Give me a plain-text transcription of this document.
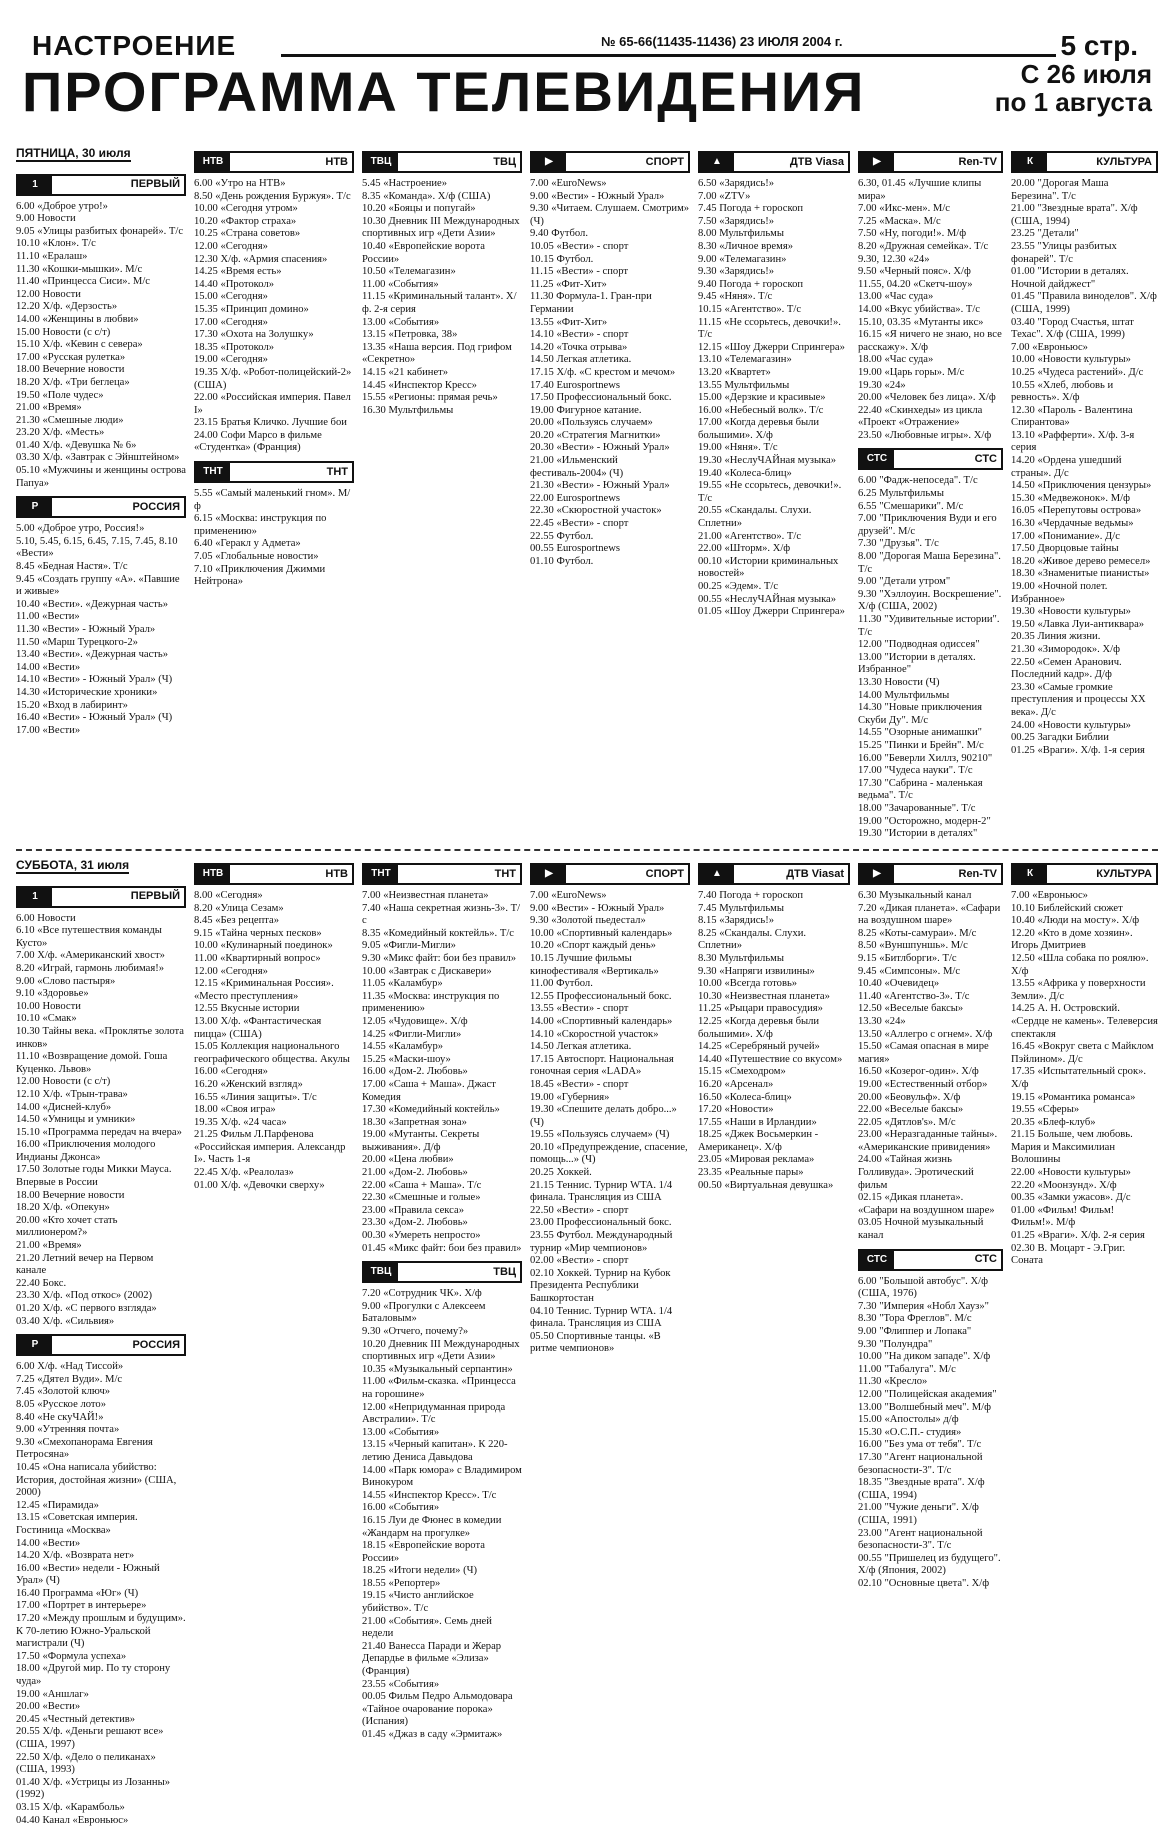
НАСТРОЕНИЕ	№ 65-66(11435-11436) 23 ИЮЛЯ 2004 г.	5 стр.
ПРОГРАММА ТЕЛЕВИДЕНИЯ	С 26 июля
по 1 августа
ПЯТНИЦА, 30 июля
1	ПЕРВЫЙ

6.00 «Доброе утро!»

9.00 Новости

9.05 «Улицы разбитых фонарей». Т/с

10.10 «Клон». Т/с

11.10 «Ералаш»

11.30 «Кошки-мышки». М/с

11.40 «Принцесса Сиси». М/с

12.00 Новости

12.20 Х/ф. «Дерзость»

14.00 «Женщины в любви»

15.00 Новости (с с/т)

15.10 Х/ф. «Кевин с севера»

17.00 «Русская рулетка»

18.00 Вечерние новости

18.20 Х/ф. «Три беглеца»

19.50 «Поле чудес»

21.00 «Время»

21.30 «Смешные люди»

23.20 Х/ф. «Месть»

01.40 Х/ф. «Девушка № 6»

03.30 Х/ф. «Завтрак с Эйнштейном»

05.10 «Мужчины и женщины острова Папуа»

Р	РОССИЯ

5.00 «Доброе утро, Россия!»

5.10, 5.45, 6.15, 6.45, 7.15, 7.45, 8.10 «Вести»

8.45 «Бедная Настя». Т/с

9.45 «Создать группу «А». «Павшие и живые»

10.40 «Вести». «Дежурная часть»

11.00 «Вести»

11.30 «Вести» - Южный Урал»

11.50 «Марш Турецкого-2»

13.40 «Вести». «Дежурная часть»

14.00 «Вести»

14.10 «Вести» - Южный Урал» (Ч)

14.30 «Исторические хроники»

15.20 «Вход в лабиринт»

16.40 «Вести» - Южный Урал» (Ч)

17.00 «Вести»

НТВ	НТВ

6.00 «Утро на НТВ»

8.50 «День рождения Буржуя». Т/с

10.00 «Сегодня утром»

10.20 «Фактор страха»

10.25 «Страна советов»

12.00 «Сегодня»

12.30 Х/ф. «Армия спасения»

14.25 «Время есть»

14.40 «Протокол»

15.00 «Сегодня»

15.35 «Принцип домино»

17.00 «Сегодня»

17.30 «Охота на Золушку»

18.35 «Протокол»

19.00 «Сегодня»

19.35 Х/ф. «Робот-полицейский-2» (США)

22.00 «Российская империя. Павел I»

23.15 Братья Кличко. Лучшие бои

24.00 Софи Марсо в фильме «Студентка» (Франция)

ТНТ	ТНТ

5.55 «Самый маленький гном». М/ф

6.15 «Москва: инструкция по применению»

6.40 «Геракл у Адмета»

7.05 «Глобальные новости»

7.10 «Приключения Джимми Нейтрона»

ТВЦ	ТВЦ

5.45 «Настроение»

8.35 «Команда». Х/ф (США)

10.20 «Бояцы и попугай»

10.30 Дневник III Международных спортивных игр «Дети Азии»

10.40 «Европейские ворота России»

10.50 «Телемагазин»

11.00 «События»

11.15 «Криминальный талант». Х/ф. 2-я серия

13.00 «События»

13.15 «Петровка, 38»

13.35 «Наша версия. Под грифом «Секретно»

14.15 «21 кабинет»

14.45 «Инспектор Кресс»

15.55 «Регионы: прямая речь»

16.30 Мультфильмы

▶	СПОРТ

7.00 «EuroNews»

9.00 «Вести» - Южный Урал»

9.30 «Читаем. Слушаем. Смотрим» (Ч)

9.40 Футбол.

10.05 «Вести» - спорт

10.15 Футбол.

11.15 «Вести» - спорт

11.25 «Фит-Хит»

11.30 Формула-1. Гран-при Германии

13.55 «Фит-Хит»

14.10 «Вести» - спорт

14.20 «Точка отрыва»

14.50 Легкая атлетика.

17.15 Х/ф. «С крестом и мечом»

17.40 Eurosportnews

17.50 Профессиональный бокс.

19.00 Фигурное катание.

20.00 «Пользуясь случаем»

20.20 «Стратегия Магнитки»

20.30 «Вести» - Южный Урал»

21.00 «Ильменский фестиваль-2004» (Ч)

21.30 «Вести» - Южный Урал»

22.00 Eurosportnews

22.30 «Скюростной участок»

22.45 «Вести» - спорт

22.55 Футбол.

00.55 Eurosportnews

01.10 Футбол.

▲	ДТВ Viasa

6.50 «Зарядись!»

7.00 «ZTV»

7.45 Погода + гороскоп

7.50 «Зарядись!»

8.00 Мультфильмы

8.30 «Личное время»

9.00 «Телемагазин»

9.30 «Зарядись!»

9.40 Погода + гороскоп

9.45 «Няня». Т/с

10.15 «Агентство». Т/с

11.15 «Не ссорьтесь, девочки!». Т/с

12.15 «Шоу Джерри Спрингера»

13.10 «Телемагазин»

13.20 «Квартет»

13.55 Мультфильмы

15.00 «Дерзкие и красивые»

16.00 «Небесный волк». Т/с

17.00 «Когда деревья были большими». Х/ф

19.00 «Няня». Т/с

19.30 «НеслуЧАЙная музыка»

19.40 «Колеса-блиц»

19.55 «Не ссорьтесь, девочки!». Т/с

20.55 «Скандалы. Слухи. Сплетни»

21.00 «Агентство». Т/с

22.00 «Шторм». Х/ф

00.10 «Истории криминальных новостей»

00.25 «Эдем». Т/с

00.55 «НеслуЧАЙная музыка»

01.05 «Шоу Джерри Спрингера»

▶	Ren-TV

6.30, 01.45 «Лучшие клипы мира»

7.00 «Икс-мен». М/с

7.25 «Маска». М/с

7.50 «Ну, погоди!». М/ф

8.20 «Дружная семейка». Т/с

9.30, 12.30 «24»

9.50 «Черный пояс». Х/ф

11.55, 04.20 «Скетч-шоу»

13.00 «Час суда»

14.00 «Вкус убийства». Т/с

15.10, 03.35 «Мутанты икс»

16.15 «Я ничего не знаю, но все расскажу». Х/ф

18.00 «Час суда»

19.00 «Царь горы». М/с

19.30 «24»

20.00 «Человек без лица». Х/ф

22.40 «Скинхеды» из цикла «Проект «Отражение»

23.50 «Любовные игры». Х/ф

СТС	СТС

6.00 "Фадж-непоседа". Т/с

6.25 Мультфильмы

6.55 "Смешарики". М/с

7.00 "Приключения Вуди и его друзей". М/с

7.30 "Друзья". Т/с

8.00 "Дорогая Маша Березина". Т/с

9.00 "Детали утром"

9.30 "Хэллоуин. Воскрешение". Х/ф (США, 2002)

11.30 "Удивительные истории". Т/с

12.00 "Подводная одиссея"

13.00 "Истории в деталях. Избранное"

13.30 Новости (Ч)

14.00 Мультфильмы

14.30 "Новые приключения Скуби Ду". М/с

14.55 "Озорные анимашки"

15.25 "Пинки и Брейн". М/с

16.00 "Беверли Хиллз, 90210"

17.00 "Чудеса науки". Т/с

17.30 "Сабрина - маленькая ведьма". Т/с

18.00 "Зачарованные". Т/с

19.00 "Осторожно, модерн-2"

19.30 "Истории в деталях"

К	КУЛЬТУРА

20.00 "Дорогая Маша Березина". Т/с

21.00 "Звездные врата". Х/ф (США, 1994)

23.25 "Детали"

23.55 "Улицы разбитых фонарей". Т/с

01.00 "Истории в деталях. Ночной дайджест"

01.45 "Правила виноделов". Х/ф (США, 1999)

03.40 "Город Счастья, штат Техас". Х/ф (США, 1999)

7.00 «Евроньюс»

10.00 «Новости культуры»

10.25 «Чудеса растений». Д/с

10.55 «Хлеб, любовь и ревность». Х/ф

12.30 «Пароль - Валентина Спирантова»

13.10 «Рафферти». Х/ф. 3-я серия

14.20 «Ордена ушедший страны». Д/с

14.50 «Приключения цензуры»

15.30 «Медвежонок». М/ф

16.05 «Перепутовы острова»

16.30 «Чердачные ведьмы»

17.00 «Понимание». Д/с

17.50 Дворцовые тайны

18.20 «Живое дерево ремесел»

18.30 «Знаменитые пианисты»

19.00 «Ночной полет. Избранное»

19.30 «Новости культуры»

19.50 «Лавка Луи-антиквара»

20.35 Линия жизни.

21.30 «Зимородок». Х/ф

22.50 «Семен Аранович. Последний кадр». Д/ф

23.30 «Самые громкие преступления и процессы XX века». Д/с

24.00 «Новости культуры»

00.25 Загадки Библии

01.25 «Враги». Х/ф. 1-я серия

СУББОТА, 31 июля
1	ПЕРВЫЙ

6.00 Новости

6.10 «Все путешествия команды Кусто»

7.00 Х/ф. «Американский хвост»

8.20 «Играй, гармонь любимая!»

9.00 «Слово пастыря»

9.10 «Здоровье»

10.00 Новости

10.10 «Смак»

10.30 Тайны века. «Проклятье золота инков»

11.10 «Возвращение домой. Гоша Куценко. Львов»

12.00 Новости (с с/т)

12.10 Х/ф. «Трын-трава»

14.00 «Дисней-клуб»

14.50 «Умницы и умники»

15.10 «Программа передач на вчера»

16.00 «Приключения молодого Индианы Джонса»

17.50 Золотые годы Микки Мауса. Впервые в России

18.00 Вечерние новости

18.20 Х/ф. «Опекун»

20.00 «Кто хочет стать миллионером?»

21.00 «Время»

21.20 Летний вечер на Первом канале

22.40 Бокс.

23.30 Х/ф. «Под откос» (2002)

01.20 Х/ф. «С первого взгляда»

03.40 Х/ф. «Сильвия»

Р	РОССИЯ

6.00 Х/ф. «Над Тиссой»

7.25 «Дятел Вуди». М/с

7.45 «Золотой ключ»

8.05 «Русское лото»

8.40 «Не скуЧАЙ!»

9.00 «Утренняя почта»

9.30 «Смехопанорама Евгения Петросяна»

10.45 «Она написала убийство: История, достойная жизни» (США, 2000)

12.45 «Пирамида»

13.15 «Советская империя. Гостиница «Москва»

14.00 «Вести»

14.20 Х/ф. «Возврата нет»

16.00 «Вести» недели - Южный Урал» (Ч)

16.40 Программа «Юг» (Ч)

17.00 «Портрет в интерьере»

17.20 «Между прошлым и будущим». К 70-летию Южно-Уральской магистрали (Ч)

17.50 «Формула успеха»

18.00 «Другой мир. По ту сторону чуда»

19.00 «Аншлаг»

20.00 «Вести»

20.45 «Честный детектив»

20.55 Х/ф. «Деньги решают все» (США, 1997)

22.50 Х/ф. «Дело о пеликанах» (США, 1993)

01.40 Х/ф. «Устрицы из Лозанны» (1992)

03.15 Х/ф. «Карамболь»

04.40 Канал «Евроньюс»

НТВ	НТВ

8.00 «Сегодня»

8.20 «Улица Сезам»

8.45 «Без рецепта»

9.15 «Тайна черных песков»

10.00 «Кулинарный поединок»

11.00 «Квартирный вопрос»

12.00 «Сегодня»

12.15 «Криминальная Россия». «Место преступления»

12.55 Вкусные истории

13.00 Х/ф. «Фантастическая пицца» (США)

15.05 Коллекция национального географического общества. Акулы

16.00 «Сегодня»

16.20 «Женский взгляд»

16.55 «Линия защиты». Т/с

18.00 «Своя игра»

19.35 Х/ф. «24 часа»

21.25 Фильм Л.Парфенова «Российская империя. Александр I». Часть 1-я

22.45 Х/ф. «Реалолаз»

01.00 Х/ф. «Девочки сверху»

ТНТ	ТНТ

7.00 «Неизвестная планета»

7.40 «Наша секретная жизнь-3». Т/с

8.35 «Комедийный коктейль». Т/с

9.05 «Фигли-Мигли»

9.30 «Микс файт: бои без правил»

10.00 «Завтрак с Дискавери»

11.05 «Каламбур»

11.35 «Москва: инструкция по применению»

12.05 «Чудовище». Х/ф

14.25 «Фигли-Мигли»

14.55 «Каламбур»

15.25 «Маски-шоу»

16.00 «Дом-2. Любовь»

17.00 «Саша + Маша». Джаст Комедия

17.30 «Комедийный коктейль»

18.30 «Запретная зона»

19.00 «Мутанты. Секреты выживания». Д/ф

20.00 «Цена любви»

21.00 «Дом-2. Любовь»

22.00 «Саша + Маша». Т/с

22.30 «Смешные и голые»

23.00 «Правила секса»

23.30 «Дом-2. Любовь»

00.30 «Умереть непросто»

01.45 «Микс файт: бои без правил»

ТВЦ	ТВЦ

7.20 «Сотрудник ЧК». Х/ф

9.00 «Прогулки с Алексеем Баталовым»

9.30 «Отчего, почему?»

10.20 Дневник III Международных спортивных игр «Дети Азии»

10.35 «Музыкальный серпантин»

11.00 «Фильм-сказка. «Принцесса на горошине»

12.00 «Непридуманная природа Австралии». Т/с

13.00 «События»

13.15 «Черный капитан». К 220-летию Дениса Давыдова

14.00 «Парк юмора» с Владимиром Винокуром

14.55 «Инспектор Кресс». Т/с

16.00 «События»

16.15 Луи де Фюнес в комедии «Жандарм на прогулке»

18.15 «Европейские ворота России»

18.25 «Итоги недели» (Ч)

18.55 «Репортер»

19.15 «Чисто английское убийство». Т/с

21.00 «События». Семь дней недели

21.40 Ванесса Паради и Жерар Депардье в фильме «Элиза» (Франция)

23.55 «События»

00.05 Фильм Педро Альмодовара «Тайное очарование порока» (Испания)

01.45 «Джаз в саду «Эрмитаж»

▶	СПОРТ

7.00 «EuroNews»

9.00 «Вести» - Южный Урал»

9.30 «Золотой пьедестал»

10.00 «Спортивный календарь»

10.20 «Спорт каждый день»

10.15 Лучшие фильмы кинофестиваля «Вертикаль»

11.00 Футбол.

12.55 Профессиональный бокс.

13.55 «Вести» - спорт

14.00 «Спортивный календарь»

14.10 «Скоростной участок»

14.50 Легкая атлетика.

17.15 Автоспорт. Национальная гоночная серия «LADA»

18.45 «Вести» - спорт

19.00 «Губерния»

19.30 «Спешите делать добро...» (Ч)

19.55 «Пользуясь случаем» (Ч)

20.10 «Предупреждение, спасение, помощь...» (Ч)

20.25 Хоккей.

21.15 Теннис. Турнир WTA. 1/4 финала. Трансляция из США

22.50 «Вести» - спорт

23.00 Профессиональный бокс.

23.55 Футбол. Международный турнир «Мир чемпионов»

02.00 «Вести» - спорт

02.10 Хоккей. Турнир на Кубок Президента Республики Башкортостан

04.10 Теннис. Турнир WTA. 1/4 финала. Трансляция из США

05.50 Спортивные танцы. «В ритме чемпионов»

▲	ДТВ Viasat

7.40 Погода + гороскоп

7.45 Мультфильмы

8.15 «Зарядись!»

8.25 «Скандалы. Слухи. Сплетни»

8.30 Мультфильмы

9.30 «Напряги извилины»

10.00 «Всегда готовь»

10.30 «Неизвестная планета»

11.25 «Рыцари правосудия»

12.25 «Когда деревья были большими». Х/ф

14.25 «Серебряный ручей»

14.40 «Путешествие со вкусом»

15.15 «Смеходром»

16.20 «Арсенал»

16.50 «Колеса-блиц»

17.20 «Новости»

17.55 «Наши в Ирландии»

18.25 «Джек Восьмеркин - Американец». Х/ф

23.05 «Мировая реклама»

23.35 «Реальные пары»

00.50 «Виртуальная девушка»

▶	Ren-TV

6.30 Музыкальный канал

7.20 «Дикая планета». «Сафари на воздушном шаре»

8.25 «Коты-самураи». М/с

8.50 «Вуншпуншь». М/с

9.15 «Битлборги». Т/с

9.45 «Симпсоны». М/с

10.40 «Очевидец»

11.40 «Агентство-3». Т/с

12.50 «Веселые баксы»

13.30 «24»

13.50 «Аллегро с огнем». Х/ф

15.50 «Самая опасная в мире магия»

16.50 «Козерог-один». Х/ф

19.00 «Естественный отбор»

20.00 «Беовульф». Х/ф

22.00 «Веселые баксы»

22.05 «Дятлов's». М/с

23.00 «Неразгаданные тайны». «Американские привидения»

24.00 «Тайная жизнь Голливуда». Эротический фильм

02.15 «Дикая планета». «Сафари на воздушном шаре»

03.05 Ночной музыкальный канал

СТС	СТС

6.00 "Большой автобус". Х/ф (США, 1976)

7.30 "Империя «Нобл Хауз»"

8.30 "Тора Фреглов". М/с

9.00 "Флиппер и Лопака"

9.30 "Полундра"

10.00 "На диком западе". Х/ф

11.00 "Табалуга". М/с

11.30 «Кресло»

12.00 "Полицейская академия"

13.00 "Волшебный меч". М/ф

15.00 «Апостолы» д/ф

15.30 «О.С.П.- студия»

16.00 "Без ума от тебя". Т/с

17.30 "Агент национальной безопасности-3". Т/с

18.35 "Звездные врата". Х/ф (США, 1994)

21.00 "Чужие деньги". Х/ф (США, 1991)

23.00 "Агент национальной безопасности-3". Т/с

00.55 "Пришелец из будущего". Х/ф (Япония, 2002)

02.10 "Основные цвета". Х/ф

К	КУЛЬТУРА

7.00 «Евроньюс»

10.10 Библейский сюжет

10.40 «Люди на мосту». Х/ф

12.20 «Кто в доме хозяин». Игорь Дмитриев

12.50 «Шла собака по роялю». Х/ф

13.55 «Африка у поверхности Земли». Д/с

14.25 А. Н. Островский. «Сердце не камень». Телеверсия спектакля

16.45 «Вокруг света с Майклом Пэйлином». Д/с

17.35 «Испытательный срок». Х/ф

19.15 «Романтика романса»

19.55 «Сферы»

20.35 «Блеф-клуб»

21.15 Больше, чем любовь. Мария и Максимилиан Волошины

22.00 «Новости культуры»

22.20 «Моонзунд». Х/ф

00.35 «Замки ужасов». Д/с

01.00 «Фильм! Фильм! Фильм!». М/ф

01.25 «Враги». Х/ф. 2-я серия

02.30 В. Моцарт - Э.Григ. Соната
